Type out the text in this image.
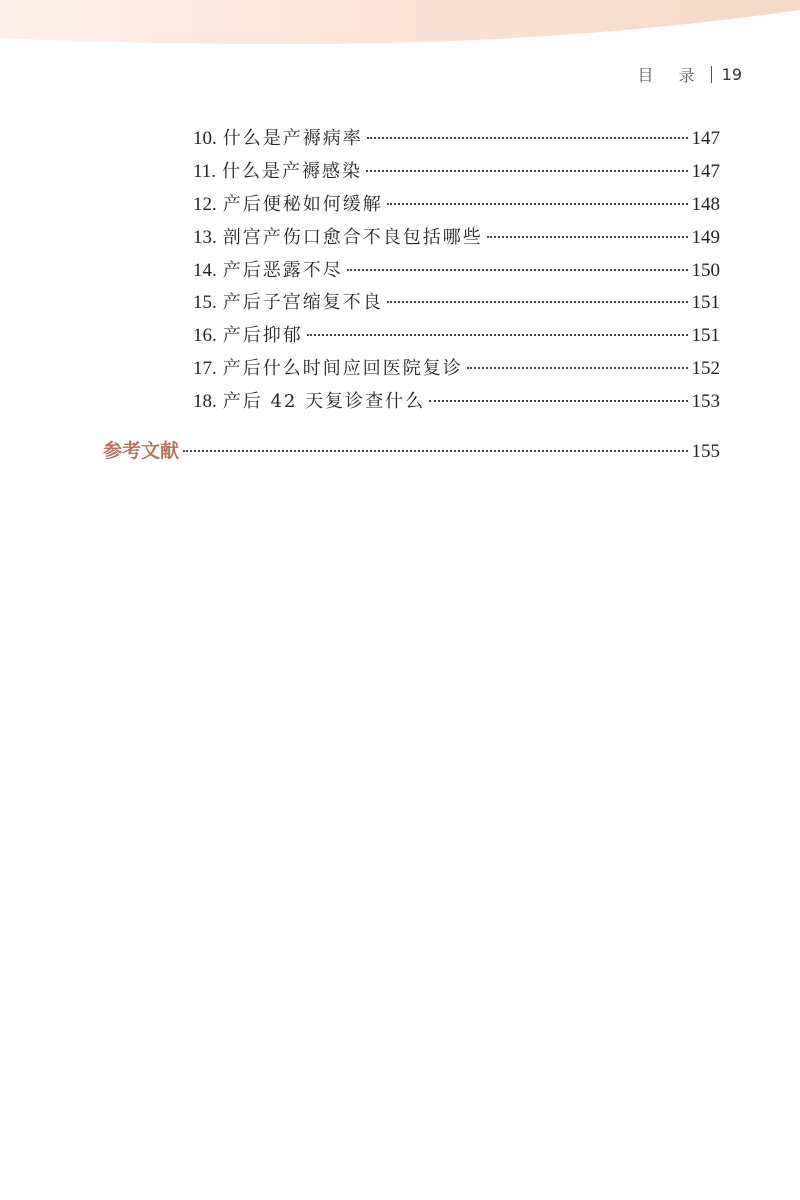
目 录 19
10. 什么是产褥病率	147
11. 什么是产褥感染	147
12. 产后便秘如何缓解	148
13. 剖宫产伤口愈合不良包括哪些	149
14. 产后恶露不尽	150
15. 产后子宫缩复不良	151
16. 产后抑郁	151
17. 产后什么时间应回医院复诊	152
18. 产后 42 天复诊查什么	153
参考文献	155
